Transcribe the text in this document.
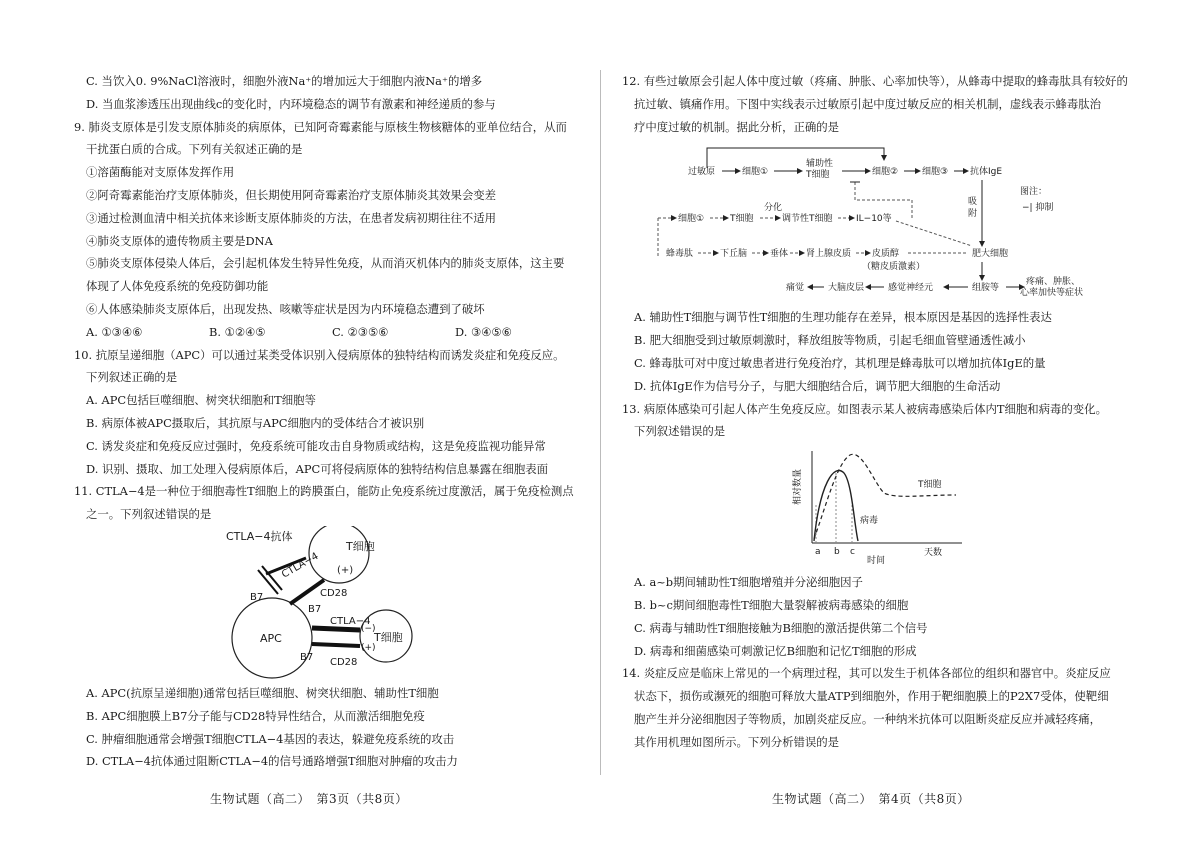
C. 当饮入0. 9%NaCl溶液时，细胞外液Na⁺的增加远大于细胞内液Na⁺的增多
D. 当血浆渗透压出现曲线c的变化时，内环境稳态的调节有激素和神经递质的参与
9. 肺炎支原体是引发支原体肺炎的病原体，已知阿奇霉素能与原核生物核糖体的亚单位结合，从而
干扰蛋白质的合成。下列有关叙述正确的是
①溶菌酶能对支原体发挥作用
②阿奇霉素能治疗支原体肺炎，但长期使用阿奇霉素治疗支原体肺炎其效果会变差
③通过检测血清中相关抗体来诊断支原体肺炎的方法，在患者发病初期往往不适用
④肺炎支原体的遗传物质主要是DNA
⑤肺炎支原体侵染人体后，会引起机体发生特异性免疫，从而消灭机体内的肺炎支原体，这主要
体现了人体免疫系统的免疫防御功能
⑥人体感染肺炎支原体后，出现发热、咳嗽等症状是因为内环境稳态遭到了破坏
A. ①③④⑥	B. ①②④⑤	C. ②③⑤⑥	D. ③④⑤⑥
10. 抗原呈递细胞（APC）可以通过某类受体识别入侵病原体的独特结构而诱发炎症和免疫反应。
下列叙述正确的是
A. APC包括巨噬细胞、树突状细胞和T细胞等
B. 病原体被APC摄取后，其抗原与APC细胞内的受体结合才被识别
C. 诱发炎症和免疫反应过强时，免疫系统可能攻击自身物质或结构，这是免疫监视功能异常
D. 识别、摄取、加工处理入侵病原体后，APC可将侵病原体的独特结构信息暴露在细胞表面
11. CTLA−4是一种位于细胞毒性T细胞上的跨膜蛋白，能防止免疫系统过度激活，属于免疫检测点
之一。下列叙述错误的是
T细胞
(+)
APC
CTLA−4抗体
CTLA−4
B7	CD28
B7
T细胞
(−)
(+)
CTLA−4
CD28
B7
A. APC(抗原呈递细胞)通常包括巨噬细胞、树突状细胞、辅助性T细胞
B. APC细胞膜上B7分子能与CD28特异性结合，从而激活细胞免疫
C. 肿瘤细胞通常会增强T细胞CTLA−4基因的表达，躲避免疫系统的攻击
D. CTLA−4抗体通过阻断CTLA−4的信号通路增强T细胞对肿瘤的攻击力
12. 有些过敏原会引起人体中度过敏（疼痛、肿胀、心率加快等），从蜂毒中提取的蜂毒肽具有较好的
抗过敏、镇痛作用。下图中实线表示过敏原引起中度过敏反应的相关机制，虚线表示蜂毒肽治
疗中度过敏的机制。据此分析，正确的是
过敏原	细胞①
辅助性
T细胞	细胞②	细胞③ 抗体IgE
图注：
−| 抑制
吸
附
细胞①	T细胞
分化
调节性T细胞	IL−10等
蜂毒肽	下丘脑	垂体 肾上腺皮质 皮质醇
（糖皮质激素）
肥大细胞
组胺等
感觉神经元
大脑皮层
痛觉
疼痛、肿胀、
心率加快等症状
A. 辅助性T细胞与调节性T细胞的生理功能存在差异，根本原因是基因的选择性表达
B. 肥大细胞受到过敏原刺激时，释放组胺等物质，引起毛细血管壁通透性减小
C. 蜂毒肽可对中度过敏患者进行免疫治疗，其机理是蜂毒肽可以增加抗体IgE的量
D. 抗体IgE作为信号分子，与肥大细胞结合后，调节肥大细胞的生命活动
13. 病原体感染可引起人体产生免疫反应。如图表示某人被病毒感染后体内T细胞和病毒的变化。
下列叙述错误的是
相对数量
时间
天数
a b c
T细胞
病毒
A. a~b期间辅助性T细胞增殖并分泌细胞因子
B. b~c期间细胞毒性T细胞大量裂解被病毒感染的细胞
C. 病毒与辅助性T细胞接触为B细胞的激活提供第二个信号
D. 病毒和细菌感染可刺激记忆B细胞和记忆T细胞的形成
14. 炎症反应是临床上常见的一个病理过程，其可以发生于机体各部位的组织和器官中。炎症反应
状态下，损伤或濒死的细胞可释放大量ATP到细胞外，作用于靶细胞膜上的P2X7受体，使靶细
胞产生并分泌细胞因子等物质，加剧炎症反应。一种纳米抗体可以阻断炎症反应并减轻疼痛，
其作用机理如图所示。下列分析错误的是
生物试题（高二）　第3页（共8页）	生物试题（高二）　第4页（共8页）
